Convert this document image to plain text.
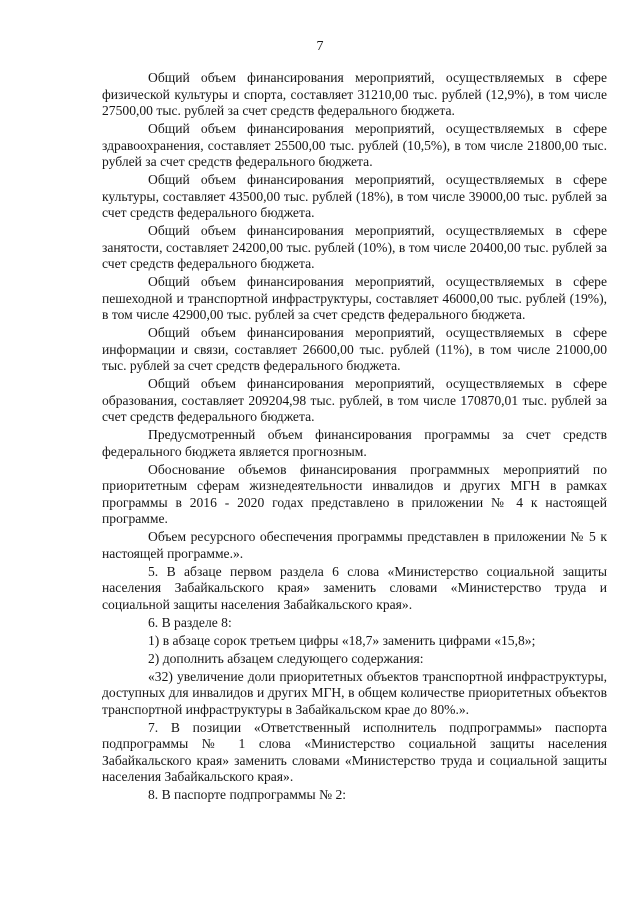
7

Общий объем финансирования мероприятий, осуществляемых в сфере физической культуры и спорта, составляет 31210,00 тыс. рублей (12,9%), в том числе 27500,00 тыс. рублей за счет средств федерального бюджета.

Общий объем финансирования мероприятий, осуществляемых в сфере здравоохранения, составляет 25500,00 тыс. рублей (10,5%), в том числе 21800,00 тыс. рублей за счет средств федерального бюджета.

Общий объем финансирования мероприятий, осуществляемых в сфере культуры, составляет 43500,00 тыс. рублей (18%), в том числе 39000,00 тыс. рублей за счет средств федерального бюджета.

Общий объем финансирования мероприятий, осуществляемых в сфере занятости, составляет 24200,00 тыс. рублей (10%), в том числе 20400,00 тыс. рублей за счет средств федерального бюджета.

Общий объем финансирования мероприятий, осуществляемых в сфере пешеходной и транспортной инфраструктуры, составляет 46000,00 тыс. рублей (19%), в том числе 42900,00 тыс. рублей за счет средств федерального бюджета.

Общий объем финансирования мероприятий, осуществляемых в сфере информации и связи, составляет 26600,00 тыс. рублей (11%), в том числе 21000,00 тыс. рублей за счет средств федерального бюджета.

Общий объем финансирования мероприятий, осуществляемых в сфере образования, составляет 209204,98 тыс. рублей, в том числе 170870,01 тыс. рублей за счет средств федерального бюджета.

Предусмотренный объем финансирования программы за счет средств федерального бюджета является прогнозным.

Обоснование объемов финансирования программных мероприятий по приоритетным сферам жизнедеятельности инвалидов и других МГН в рамках программы в 2016 - 2020 годах представлено в приложении № 4 к настоящей программе.

Объем ресурсного обеспечения программы представлен в приложении № 5 к настоящей программе.».

5. В абзаце первом раздела 6 слова «Министерство социальной защиты населения Забайкальского края» заменить словами «Министерство труда и социальной защиты населения Забайкальского края».

6. В разделе 8:

1) в абзаце сорок третьем цифры «18,7» заменить цифрами «15,8»;

2) дополнить абзацем следующего содержания:

«32) увеличение доли приоритетных объектов транспортной инфраструктуры, доступных для инвалидов и других МГН, в общем количестве приоритетных объектов транспортной инфраструктуры в Забайкальском крае до 80%.».

7. В позиции «Ответственный исполнитель подпрограммы» паспорта подпрограммы № 1 слова «Министерство социальной защиты населения Забайкальского края» заменить словами «Министерство труда и социальной защиты населения Забайкальского края».

8. В паспорте подпрограммы № 2:
